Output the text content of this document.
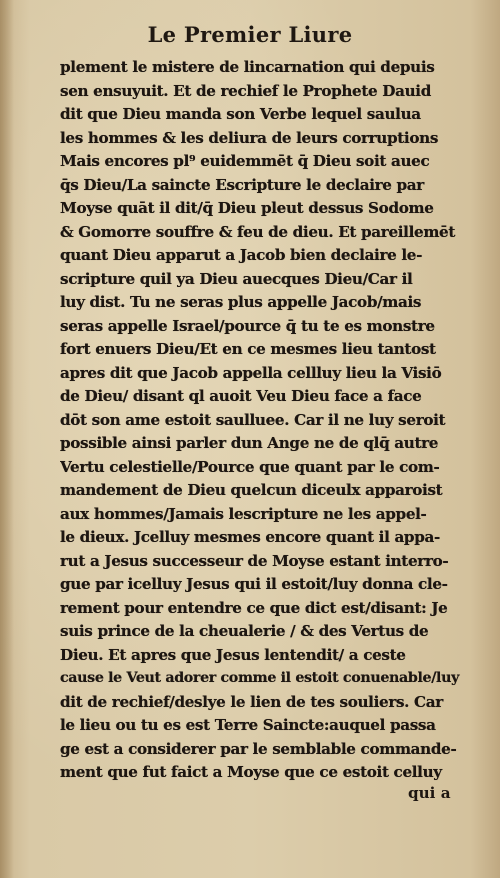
Le Premier Liure
plement le mistere de lincarnation qui depuis
sen ensuyuit. Et de rechief le Prophete Dauid
dit que Dieu manda son Verbe lequel saulua
les hommes & les deliura de leurs corruptions
Mais encores pl⁹ euidemmēt q̄ Dieu soit auec
q̄s Dieu/La saincte Escripture le declaire par
Moyse quāt il dit/q̄ Dieu pleut dessus Sodome
& Gomorre souffre & feu de dieu. Et pareillemēt
quant Dieu apparut a Jacob bien declaire le-
scripture quil ya Dieu auecques Dieu/Car il
luy dist. Tu ne seras plus appelle Jacob/mais
seras appelle Israel/pource q̄ tu te es monstre
fort enuers Dieu/Et en ce mesmes lieu tantost
apres dit que Jacob appella cellluy lieu la Visiō
de Dieu/ disant ql auoit Veu Dieu face a face
dōt son ame estoit saulluee. Car il ne luy seroit
possible ainsi parler dun Ange ne de qlq̄ autre
Vertu celestielle/Pource que quant par le com-
mandement de Dieu quelcun diceulx apparoist
aux hommes/Jamais lescripture ne les appel-
le dieux. Jcelluy mesmes encore quant il appa-
rut a Jesus successeur de Moyse estant interro-
gue par icelluy Jesus qui il estoit/luy donna cle-
rement pour entendre ce que dict est/disant: Je
suis prince de la cheualerie / & des Vertus de
Dieu. Et apres que Jesus lentendit/ a ceste
cause le Veut adorer comme il estoit conuenable/luy
dit de rechief/deslye le lien de tes souliers. Car
le lieu ou tu es est Terre Saincte:auquel passa
ge est a considerer par le semblable commande-
ment que fut faict a Moyse que ce estoit celluy
qui a
